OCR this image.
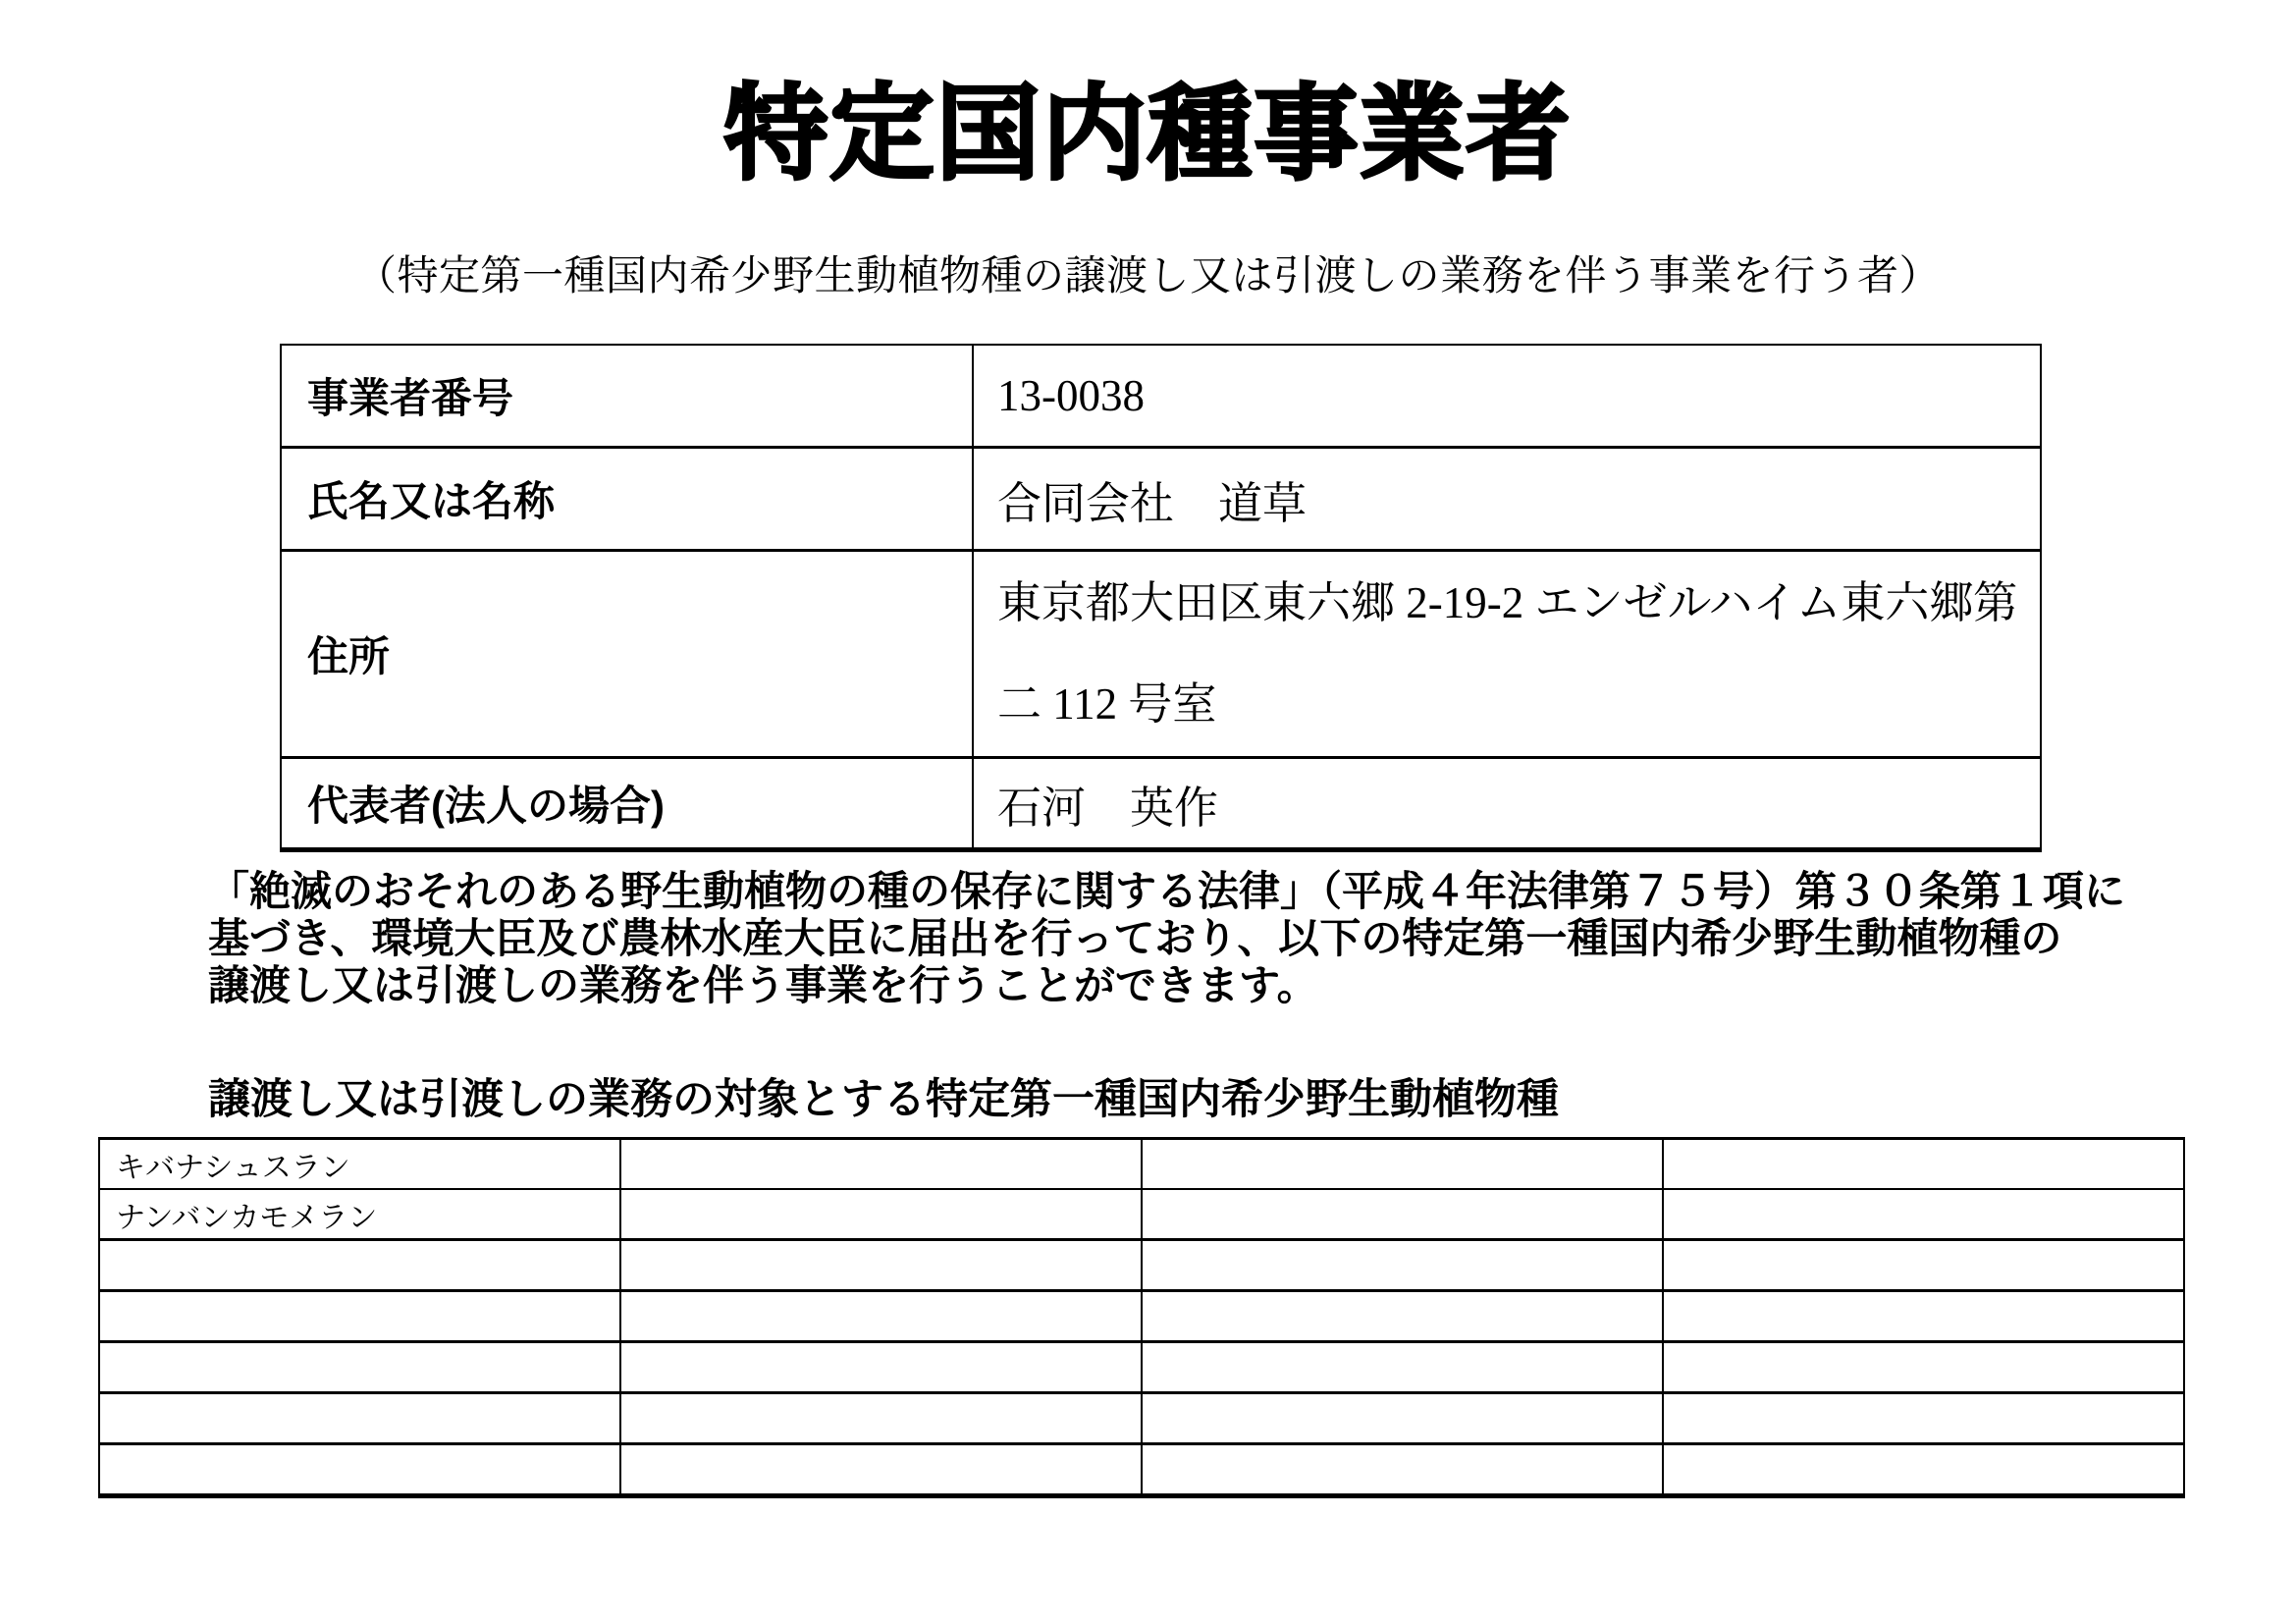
特定国内種事業者
（特定第一種国内希少野生動植物種の譲渡し又は引渡しの業務を伴う事業を行う者）
事業者番号	13-0038
氏名又は名称	合同会社　道草
住所	東京都大田区東六郷 2-19-2 エンゼルハイム東六郷第
二 112 号室

代表者(法人の場合)	石河　英作
「絶滅のおそれのある野生動植物の種の保存に関する法律」（平成４年法律第７５号）第３０条第１項に
基づき、環境大臣及び農林水産大臣に届出を行っており、以下の特定第一種国内希少野生動植物種の
譲渡し又は引渡しの業務を伴う事業を行うことができます。
譲渡し又は引渡しの業務の対象とする特定第一種国内希少野生動植物種
キバナシュスラン			
ナンバンカモメラン			
